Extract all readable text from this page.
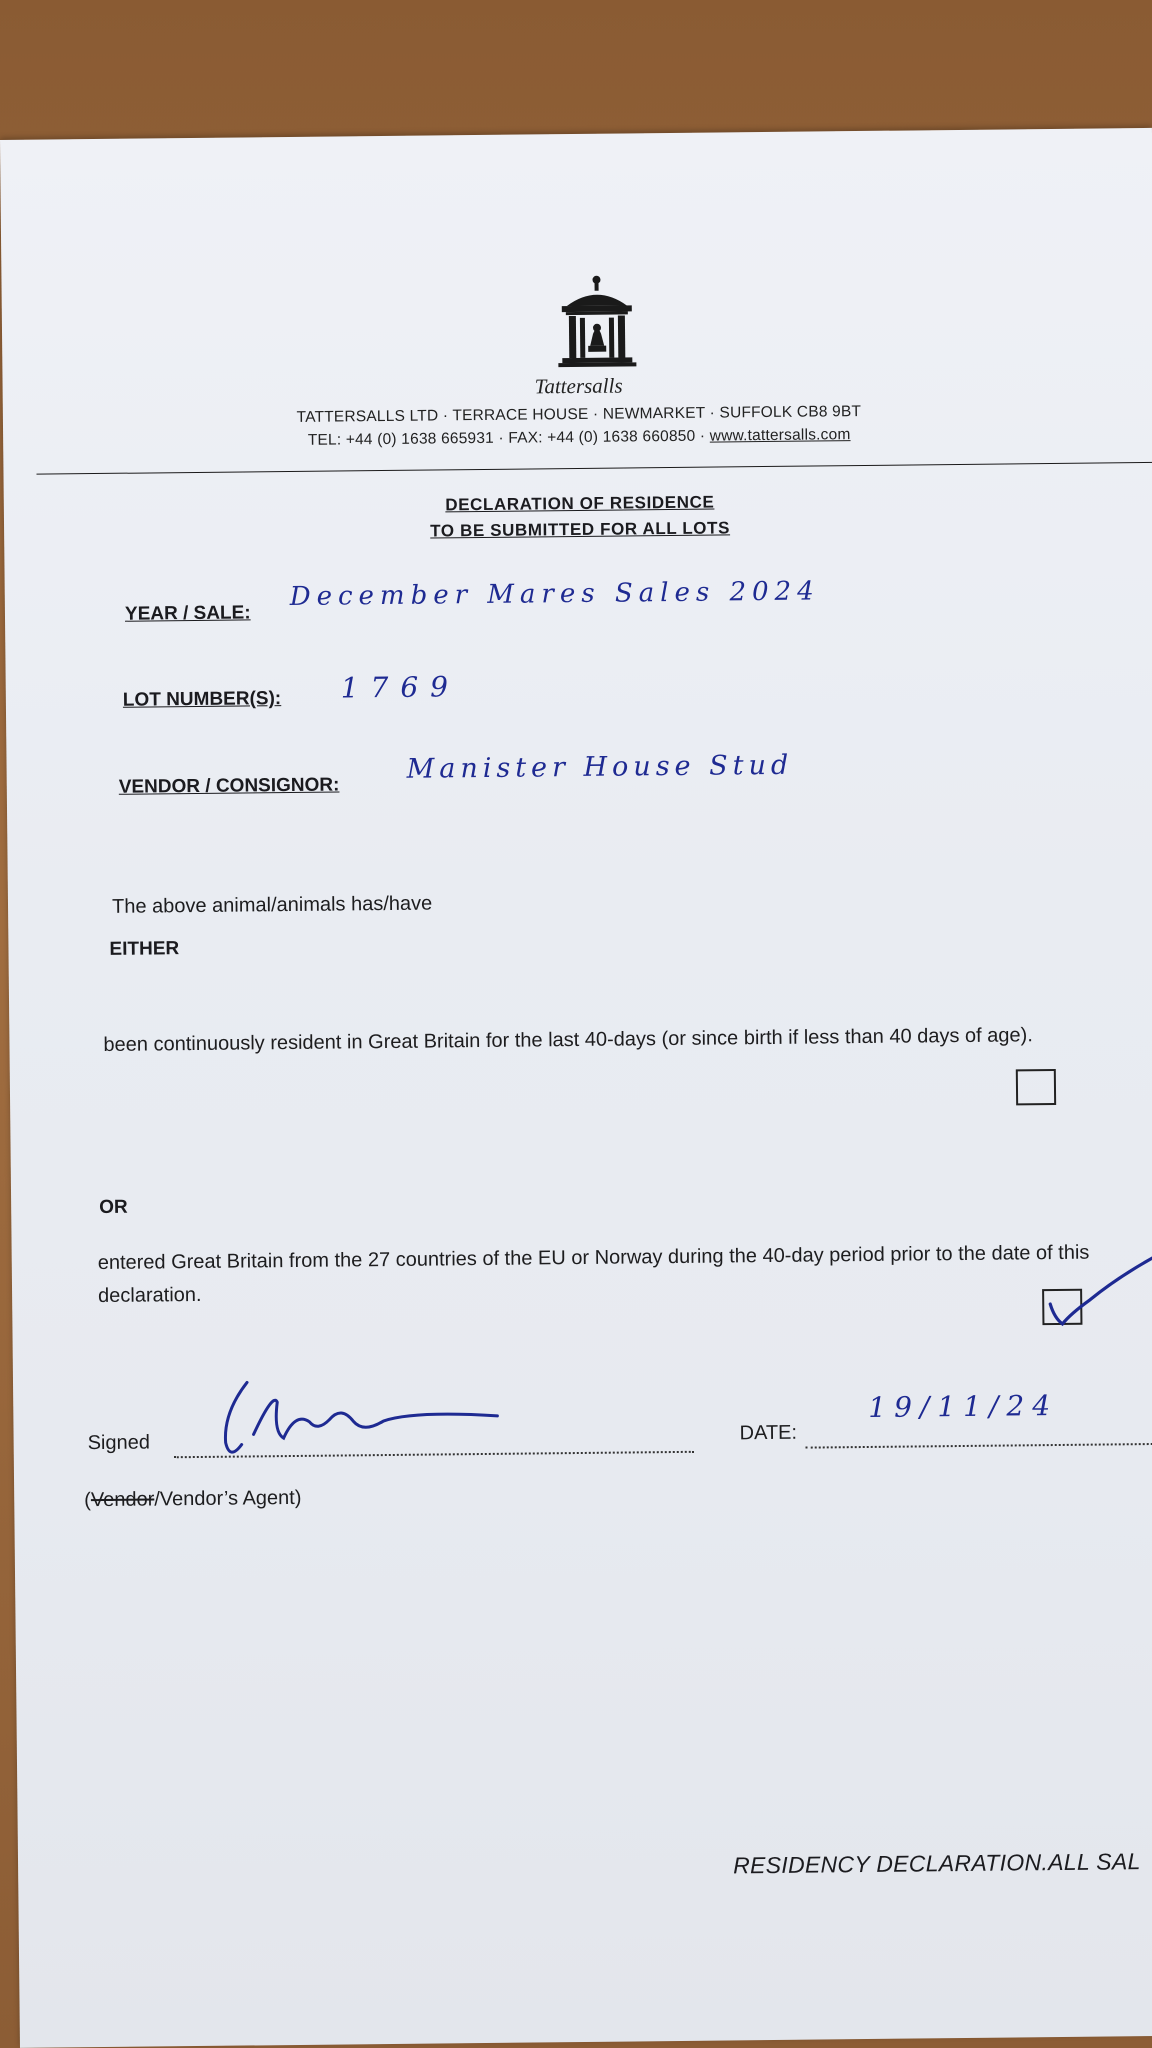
Tattersalls
TATTERSALLS LTD · TERRACE HOUSE · NEWMARKET · SUFFOLK CB8 9BT
TEL: +44 (0) 1638 665931 · FAX: +44 (0) 1638 660850 · www.tattersalls.com
DECLARATION OF RESIDENCE
TO BE SUBMITTED FOR ALL LOTS
YEAR / SALE:
December Mares Sales 2024
LOT NUMBER(S): 1769
VENDOR / CONSIGNOR:
Manister House Stud
The above animal/animals has/have
EITHER
been continuously resident in Great Britain for the last 40-days (or since birth if less than 40 days of age).
OR
entered Great Britain from the 27 countries of the EU or Norway during the 40-day period prior to the date of this declaration.
Signed	DATE:
19/11/24
(Vendor/Vendor’s Agent)
RESIDENCY DECLARATION.ALL SAL
